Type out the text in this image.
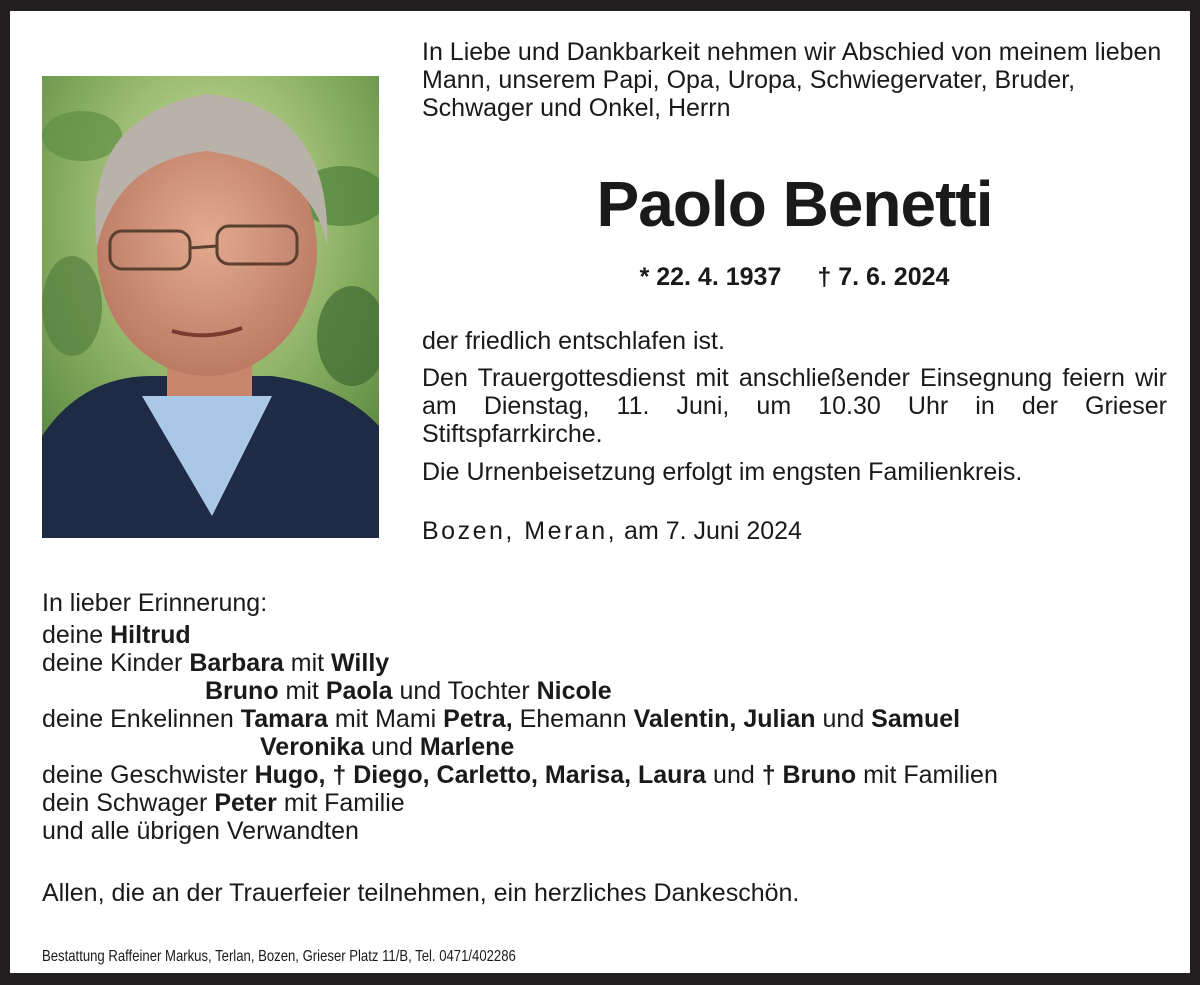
In Liebe und Dankbarkeit nehmen wir Abschied von meinem lieben Mann, unserem Papi, Opa, Uropa, Schwiegervater, Bruder, Schwager und Onkel, Herrn
Paolo Benetti
* 22. 4. 1937 † 7. 6. 2024
der friedlich entschlafen ist.
Den Trauergottesdienst mit anschließender Einsegnung feiern wir am Dienstag, 11. Juni, um 10.30 Uhr in der Grieser Stiftspfarrkirche.
Die Urnenbeisetzung erfolgt im engsten Familienkreis.
Bozen, Meran, am 7. Juni 2024
In lieber Erinnerung:
deine Hiltrud
deine Kinder Barbara mit Willy
Bruno mit Paola und Tochter Nicole
deine Enkelinnen Tamara mit Mami Petra, Ehemann Valentin, Julian und Samuel
Veronika und Marlene
deine Geschwister Hugo, † Diego, Carletto, Marisa, Laura und † Bruno mit Familien
dein Schwager Peter mit Familie
und alle übrigen Verwandten
Allen, die an der Trauerfeier teilnehmen, ein herzliches Dankeschön.
Bestattung Raffeiner Markus, Terlan, Bozen, Grieser Platz 11/B, Tel. 0471/402286
